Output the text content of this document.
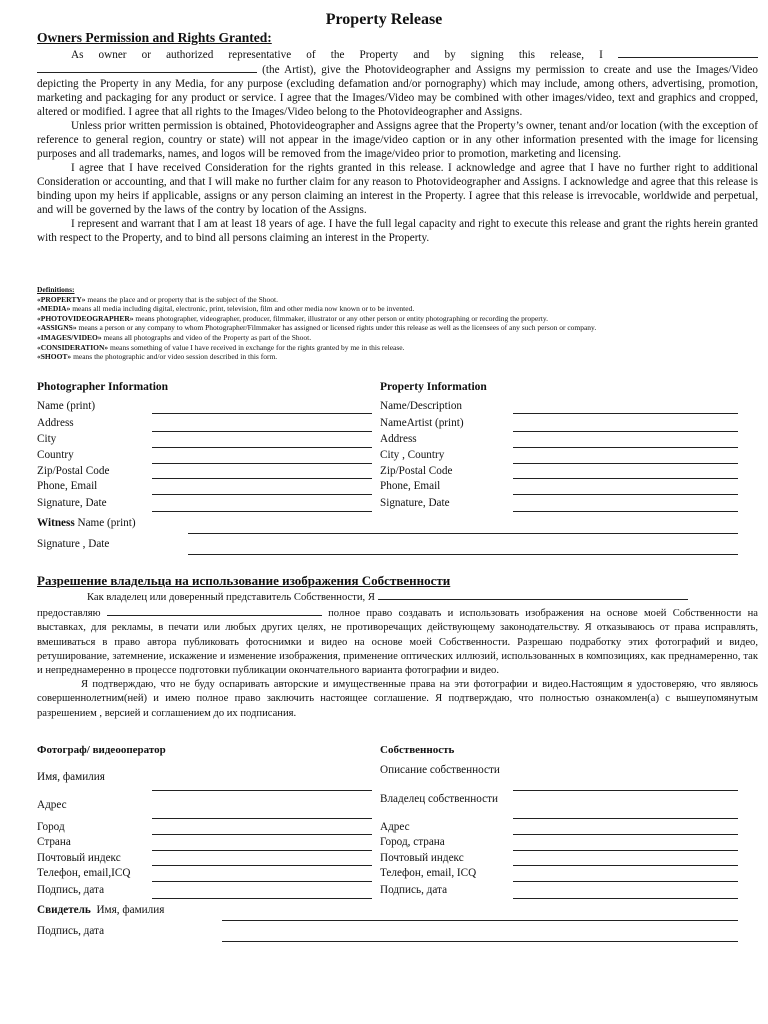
Property Release
Owners Permission and Rights Granted:

As owner or authorized representative of the Property and by signing this release, I   (the Artist), give the Photovideographer and Assigns my permission to create and use the Images/Video depicting the Property in any Media, for any purpose (excluding defamation and/or pornography) which may include, among others, advertising, promotion, marketing and packaging for any product or service. I agree that the Images/Video may be combined with other images/video, text and graphics and cropped, altered or modified. I agree that all rights to the Images/Video belong to the Photovideographer and Assigns.

Unless prior written permission is obtained, Photovideographer and Assigns agree that the Property’s owner, tenant and/or location (with the exception of reference to general region, country or state) will not appear in the image/video caption or in any other information presented with the image for licensing purposes and all trademarks, names, and logos will be removed from the image/video prior to promotion, marketing and licensing.

I agree that I have received Consideration for the rights granted in this release. I acknowledge and agree that I have no further right to additional Consideration or accounting, and that I will make no further claim for any reason to Photovideographer and Assigns. I acknowledge and agree that this release is binding upon my heirs if applicable, assigns or any person claiming an interest in the Property. I agree that this release is irrevocable, worldwide and perpetual, and will be governed by the laws of the contry by location of the Assigns.

I represent and warrant that I am at least 18 years of age. I have the full legal capacity and right to execute this release and grant the rights herein granted with respect to the Property, and to bind all persons claiming an interest in the Property.

Definitions:
«PROPERTY» means the place and or property that is the subject of the Shoot.
«MEDIA» means all media including digital, electronic, print, television, film and other media now known or to be invented.
«PHOTOVIDEOGRAPHER» means photographer, videographer, producer, filmmaker, illustrator or any other person or entity photographing or recording the property.
«ASSIGNS» means a person or any company to whom Photographer/Filmmaker has assigned or licensed rights under this release as well as the licensees of any such person or company.
«IMAGES/VIDEO» means all photographs and video of the Property as part of the Shoot.
«CONSIDERATION» means something of value I have received in exchange for the rights granted by me in this release.
«SHOOT» means the photographic and/or video session described in this form.
Photographer Information
Name (print)
Address
City
Country
Zip/Postal Code
Phone, Email
Signature, Date
Property Information
Name/Description
NameArtist (print)
Address
City , Country
Zip/Postal Code
Phone, Email
Signature, Date
Witness Name (print)
Signature , Date
Разрешение владельца на использование изображения Собственности

Как владелец или доверенный представитель Собственности, Я
предоставляю	полное право создавать и использовать изображения на основе моей Собственности на выставках, для рекламы, в печати или любых других целях, не противоречащих действующему законодательству. Я отказываюсь от права исправлять, вмешиваться в право автора публиковать фотоснимки и видео на основе моей Собственности. Разрешаю подработку этих фотографий и видео, ретуширование, затемнение, искажение и изменение изображения, применение оптических иллюзий, использованных в композициях, как преднамеренно, так и непреднамеренно в процессе подготовки публикации окончательного варианта фотографии и видео.

Я подтверждаю, что не буду оспаривать авторские и имущественные права на эти фотографии и видео.Настоящим я удостоверяю, что являюсь совершеннолетним(ней) и имею полное право заключить настоящее соглашение. Я подтверждаю, что полностью ознакомлен(а) с вышеупомянутым разрешением , версией и соглашением до их подписания.

Фотограф/ видеооператор
Имя, фамилия
Адрес
Город
Страна
Почтовый индекс
Телефон, email,ICQ
Подпись, дата
Собственность
Описание собственности
Владелец собственности
Адрес
Город, страна
Почтовый индекс
Телефон, email, ICQ
Подпись, дата
Свидетель  Имя, фамилия
Подпись, дата
